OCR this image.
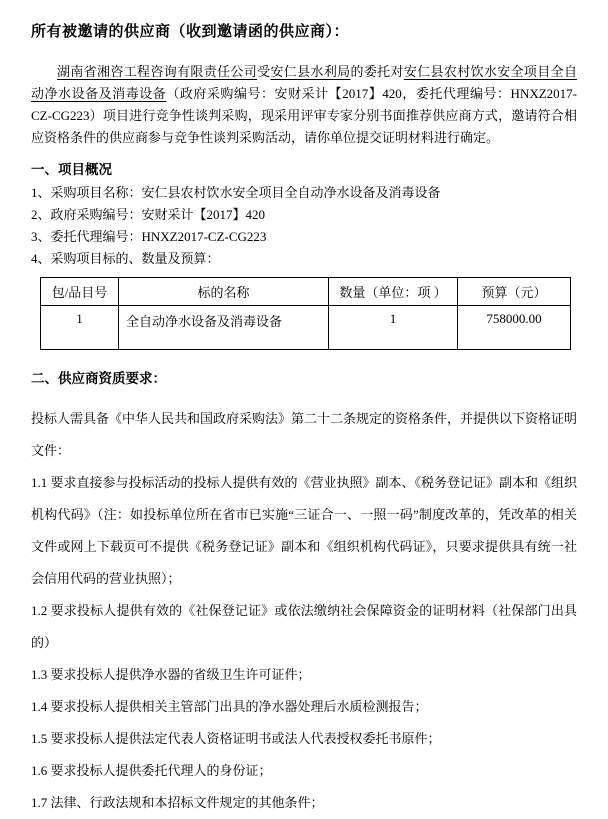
所有被邀请的供应商（收到邀请函的供应商）：

湖南省湘咨工程咨询有限责任公司受安仁县水利局的委托对安仁县农村饮水安全项目全自动净水设备及消毒设备（政府采购编号：安财采计【2017】420，委托代理编号：HNXZ2017-CZ-CG223）项目进行竞争性谈判采购，现采用评审专家分别书面推荐供应商方式，邀请符合相应资格条件的供应商参与竞争性谈判采购活动，请你单位提交证明材料进行确定。

一、项目概况

1、采购项目名称：安仁县农村饮水安全项目全自动净水设备及消毒设备

2、政府采购编号：安财采计【2017】420

3、委托代理编号：HNXZ2017-CZ-CG223

4、采购项目标的、数量及预算：

包/品目号	标的名称	数量（单位：项 ）	预算（元）
1	全自动净水设备及消毒设备	1	758000.00
二、供应商资质要求：

投标人需具备《中华人民共和国政府采购法》第二十二条规定的资格条件，并提供以下资格证明文件：

1.1 要求直接参与投标活动的投标人提供有效的《营业执照》副本、《税务登记证》副本和《组织机构代码》（注：如投标单位所在省市已实施“三证合一、一照一码”制度改革的，凭改革的相关文件或网上下载页可不提供《税务登记证》副本和《组织机构代码证》，只要求提供具有统一社会信用代码的营业执照）；

1.2 要求投标人提供有效的《社保登记证》或依法缴纳社会保障资金的证明材料（社保部门出具的）

1.3 要求投标人提供净水器的省级卫生许可证件；

1.4 要求投标人提供相关主管部门出具的净水器处理后水质检测报告；

1.5 要求投标人提供法定代表人资格证明书或法人代表授权委托书原件；

1.6 要求投标人提供委托代理人的身份证；

1.7 法律、行政法规和本招标文件规定的其他条件；
